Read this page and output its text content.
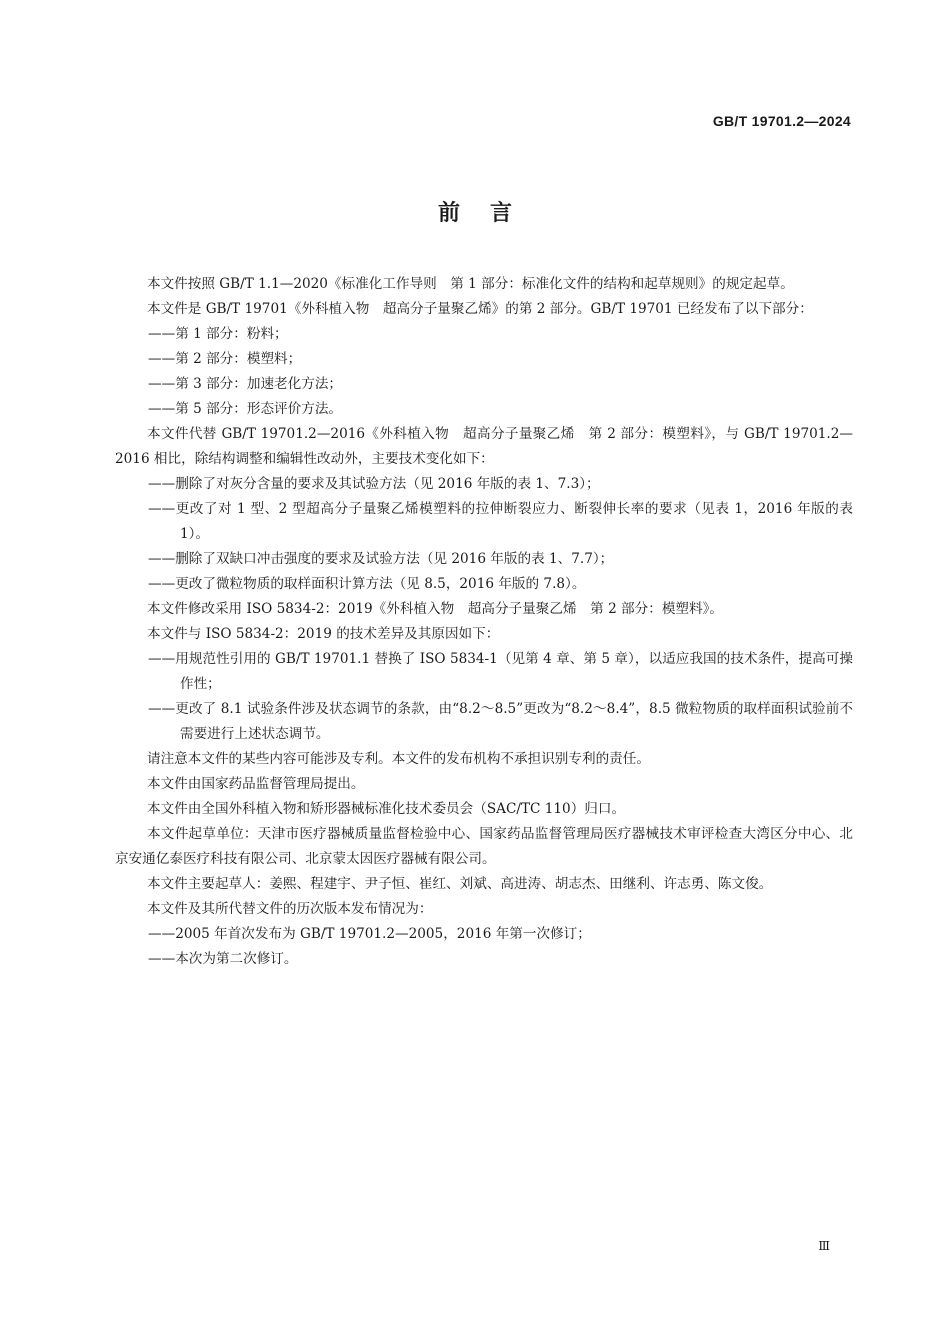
GB/T 19701.2—2024
前言

本文件按照 GB/T 1.1—2020《标准化工作导则　第 1 部分：标准化文件的结构和起草规则》的规定起草。

本文件是 GB/T 19701《外科植入物　超高分子量聚乙烯》的第 2 部分。GB/T 19701 已经发布了以下部分：

——第 1 部分：粉料；

——第 2 部分：模塑料；

——第 3 部分：加速老化方法；

——第 5 部分：形态评价方法。

本文件代替 GB/T 19701.2—2016《外科植入物　超高分子量聚乙烯　第 2 部分：模塑料》，与 GB/T 19701.2—2016 相比，除结构调整和编辑性改动外，主要技术变化如下：

——删除了对灰分含量的要求及其试验方法（见 2016 年版的表 1、7.3）；

——更改了对 1 型、2 型超高分子量聚乙烯模塑料的拉伸断裂应力、断裂伸长率的要求（见表 1，2016 年版的表 1）。

——删除了双缺口冲击强度的要求及试验方法（见 2016 年版的表 1、7.7）；

——更改了微粒物质的取样面积计算方法（见 8.5，2016 年版的 7.8）。

本文件修改采用 ISO 5834-2：2019《外科植入物　超高分子量聚乙烯　第 2 部分：模塑料》。

本文件与 ISO 5834-2：2019 的技术差异及其原因如下：

——用规范性引用的 GB/T 19701.1 替换了 ISO 5834-1（见第 4 章、第 5 章），以适应我国的技术条件，提高可操作性；

——更改了 8.1 试验条件涉及状态调节的条款，由“8.2～8.5”更改为“8.2～8.4”，8.5 微粒物质的取样面积试验前不需要进行上述状态调节。

请注意本文件的某些内容可能涉及专利。本文件的发布机构不承担识别专利的责任。

本文件由国家药品监督管理局提出。

本文件由全国外科植入物和矫形器械标准化技术委员会（SAC/TC 110）归口。

本文件起草单位：天津市医疗器械质量监督检验中心、国家药品监督管理局医疗器械技术审评检查大湾区分中心、北京安通亿泰医疗科技有限公司、北京蒙太因医疗器械有限公司。

本文件主要起草人：姜熙、程建宇、尹子恒、崔红、刘斌、高进涛、胡志杰、田继利、许志勇、陈文俊。

本文件及其所代替文件的历次版本发布情况为：

——2005 年首次发布为 GB/T 19701.2—2005，2016 年第一次修订；

——本次为第二次修订。

Ⅲ
